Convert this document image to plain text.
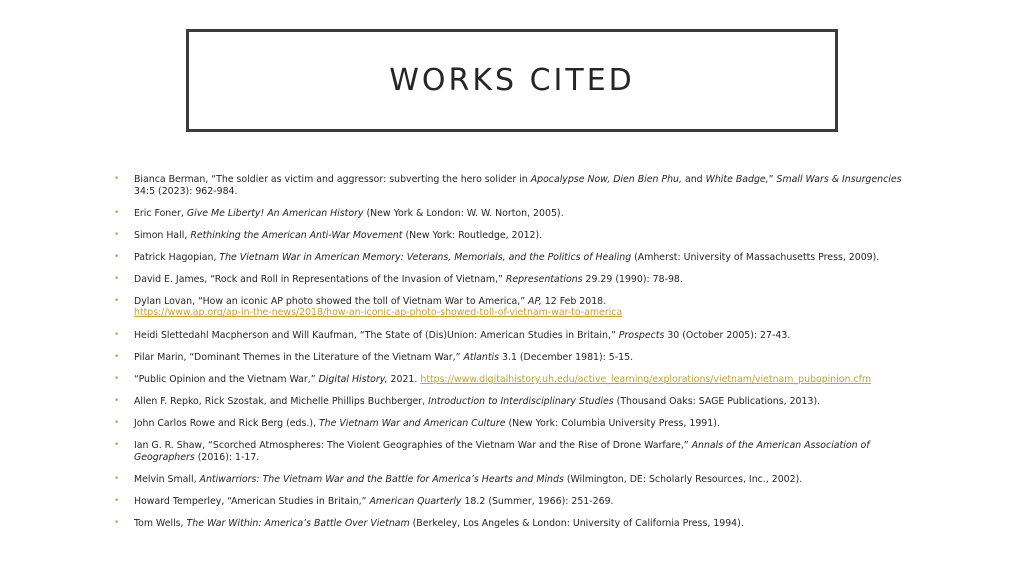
WORKS CITED
• Bianca Berman, “The soldier as victim and aggressor: subverting the hero solider in Apocalypse Now, Dien Bien Phu, and White Badge,” Small Wars & Insurgencies 34:5 (2023): 962-984.
• Eric Foner, Give Me Liberty! An American History (New York & London: W. W. Norton, 2005).
• Simon Hall, Rethinking the American Anti-War Movement (New York: Routledge, 2012).
• Patrick Hagopian, The Vietnam War in American Memory: Veterans, Memorials, and the Politics of Healing (Amherst: University of Massachusetts Press, 2009).
• David E. James, “Rock and Roll in Representations of the Invasion of Vietnam,” Representations 29.29 (1990): 78-98.
• Dylan Lovan, “How an iconic AP photo showed the toll of Vietnam War to America,” AP, 12 Feb 2018.
https://www.ap.org/ap-in-the-news/2018/how-an-iconic-ap-photo-showed-toll-of-vietnam-war-to-america
• Heidi Slettedahl Macpherson and Will Kaufman, “The State of (Dis)Union: American Studies in Britain,” Prospects 30 (October 2005): 27-43.
• Pilar Marin, “Dominant Themes in the Literature of the Vietnam War,” Atlantis 3.1 (December 1981): 5-15.
• “Public Opinion and the Vietnam War,” Digital History, 2021. https://www.digitalhistory.uh.edu/active_learning/explorations/vietnam/vietnam_pubopinion.cfm
• Allen F. Repko, Rick Szostak, and Michelle Phillips Buchberger, Introduction to Interdisciplinary Studies (Thousand Oaks: SAGE Publications, 2013).
• John Carlos Rowe and Rick Berg (eds.), The Vietnam War and American Culture (New York: Columbia University Press, 1991).
• Ian G. R. Shaw, “Scorched Atmospheres: The Violent Geographies of the Vietnam War and the Rise of Drone Warfare,” Annals of the American Association of Geographers (2016): 1-17.
• Melvin Small, Antiwarriors: The Vietnam War and the Battle for America’s Hearts and Minds (Wilmington, DE: Scholarly Resources, Inc., 2002).
• Howard Temperley, “American Studies in Britain,” American Quarterly 18.2 (Summer, 1966): 251-269.
• Tom Wells, The War Within: America’s Battle Over Vietnam (Berkeley, Los Angeles & London: University of California Press, 1994).
